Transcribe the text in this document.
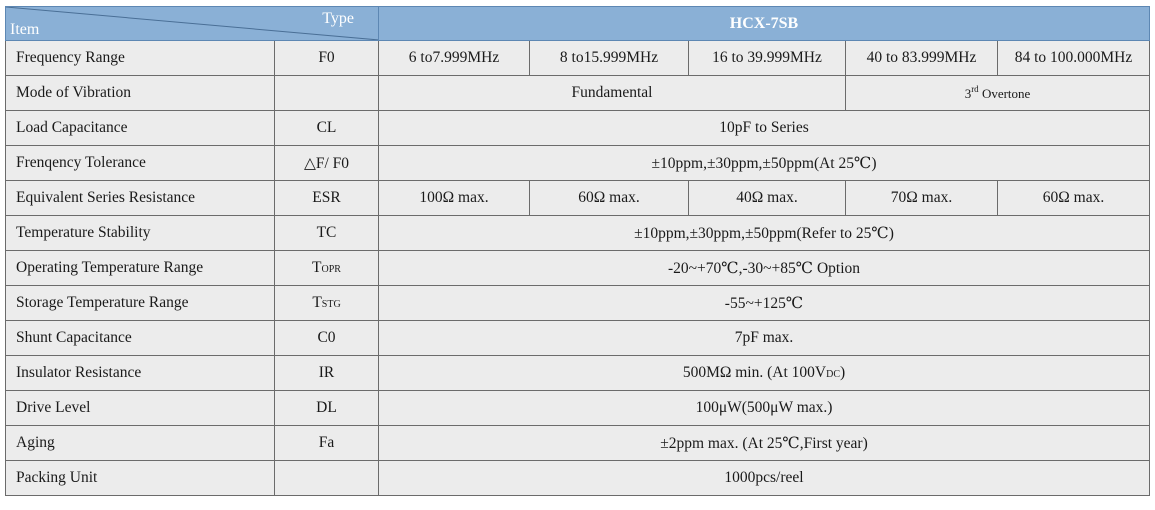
Item
Type		HCX-7SB				
Frequency Range	F0	6 to7.999MHz	8 to15.999MHz	16 to 39.999MHz	40 to 83.999MHz	84 to 100.000MHz
Mode of Vibration		Fundamental			3rd Overtone	
Load Capacitance	CL	10pF to Series				
Frenqency Tolerance	△F/ F0	±10ppm,±30ppm,±50ppm(At 25℃)				
Equivalent Series Resistance	ESR	100Ω max.	60Ω max.	40Ω max.	70Ω max.	60Ω max.
Temperature Stability	TC	±10ppm,±30ppm,±50ppm(Refer to 25℃)				
Operating Temperature Range	TOPR	-20~+70℃,-30~+85℃ Option				
Storage Temperature Range	TSTG	-55~+125℃				
Shunt Capacitance	C0	7pF max.				
Insulator Resistance	IR	500MΩ min. (At 100VDC)				
Drive Level	DL	100μW(500μW max.)				
Aging	Fa	±2ppm max. (At 25℃,First year)				
Packing Unit		1000pcs/reel				
